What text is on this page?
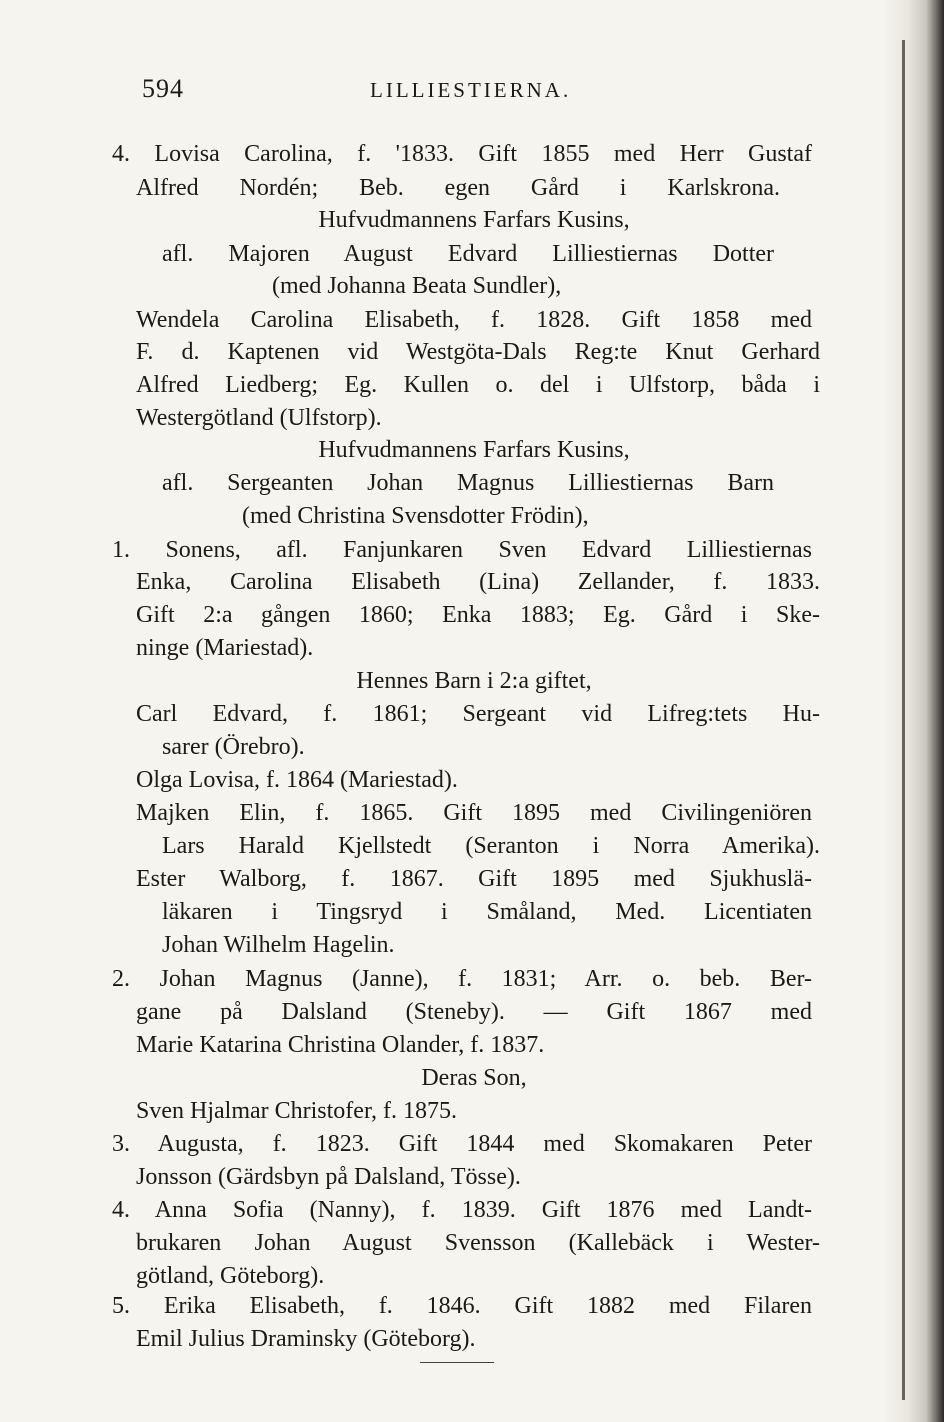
594	LILLIESTIERNA.
4. Lovisa Carolina, f. '1833. Gift 1855 med Herr Gustaf
Alfred Nordén; Beb. egen Gård i Karlskrona.
Hufvudmannens Farfars Kusins,
afl. Majoren August Edvard Lilliestiernas Dotter
(med Johanna Beata Sundler),
Wendela Carolina Elisabeth, f. 1828. Gift 1858 med
F. d. Kaptenen vid Westgöta-Dals Reg:te Knut Gerhard
Alfred Liedberg; Eg. Kullen o. del i Ulfstorp, båda i
Westergötland (Ulfstorp).
Hufvudmannens Farfars Kusins,
afl. Sergeanten Johan Magnus Lilliestiernas Barn
(med Christina Svensdotter Frödin),
1. Sonens, afl. Fanjunkaren Sven Edvard Lilliestiernas
Enka, Carolina Elisabeth (Lina) Zellander, f. 1833.
Gift 2:a gången 1860; Enka 1883; Eg. Gård i Ske-
ninge (Mariestad).
Hennes Barn i 2:a giftet,
Carl Edvard, f. 1861; Sergeant vid Lifreg:tets Hu-
sarer (Örebro).
Olga Lovisa, f. 1864 (Mariestad).
Majken Elin, f. 1865. Gift 1895 med Civilingeniören
Lars Harald Kjellstedt (Seranton i Norra Amerika).
Ester Walborg, f. 1867. Gift 1895 med Sjukhuslä-
läkaren i Tingsryd i Småland, Med. Licentiaten
Johan Wilhelm Hagelin.
2. Johan Magnus (Janne), f. 1831; Arr. o. beb. Ber-
gane på Dalsland (Steneby). — Gift 1867 med
Marie Katarina Christina Olander, f. 1837.
Deras Son,
Sven Hjalmar Christofer, f. 1875.
3. Augusta, f. 1823. Gift 1844 med Skomakaren Peter
Jonsson (Gärdsbyn på Dalsland, Tösse).
4. Anna Sofia (Nanny), f. 1839. Gift 1876 med Landt-
brukaren Johan August Svensson (Kallebäck i Wester-
götland, Göteborg).
5. Erika Elisabeth, f. 1846. Gift 1882 med Filaren
Emil Julius Draminsky (Göteborg).
